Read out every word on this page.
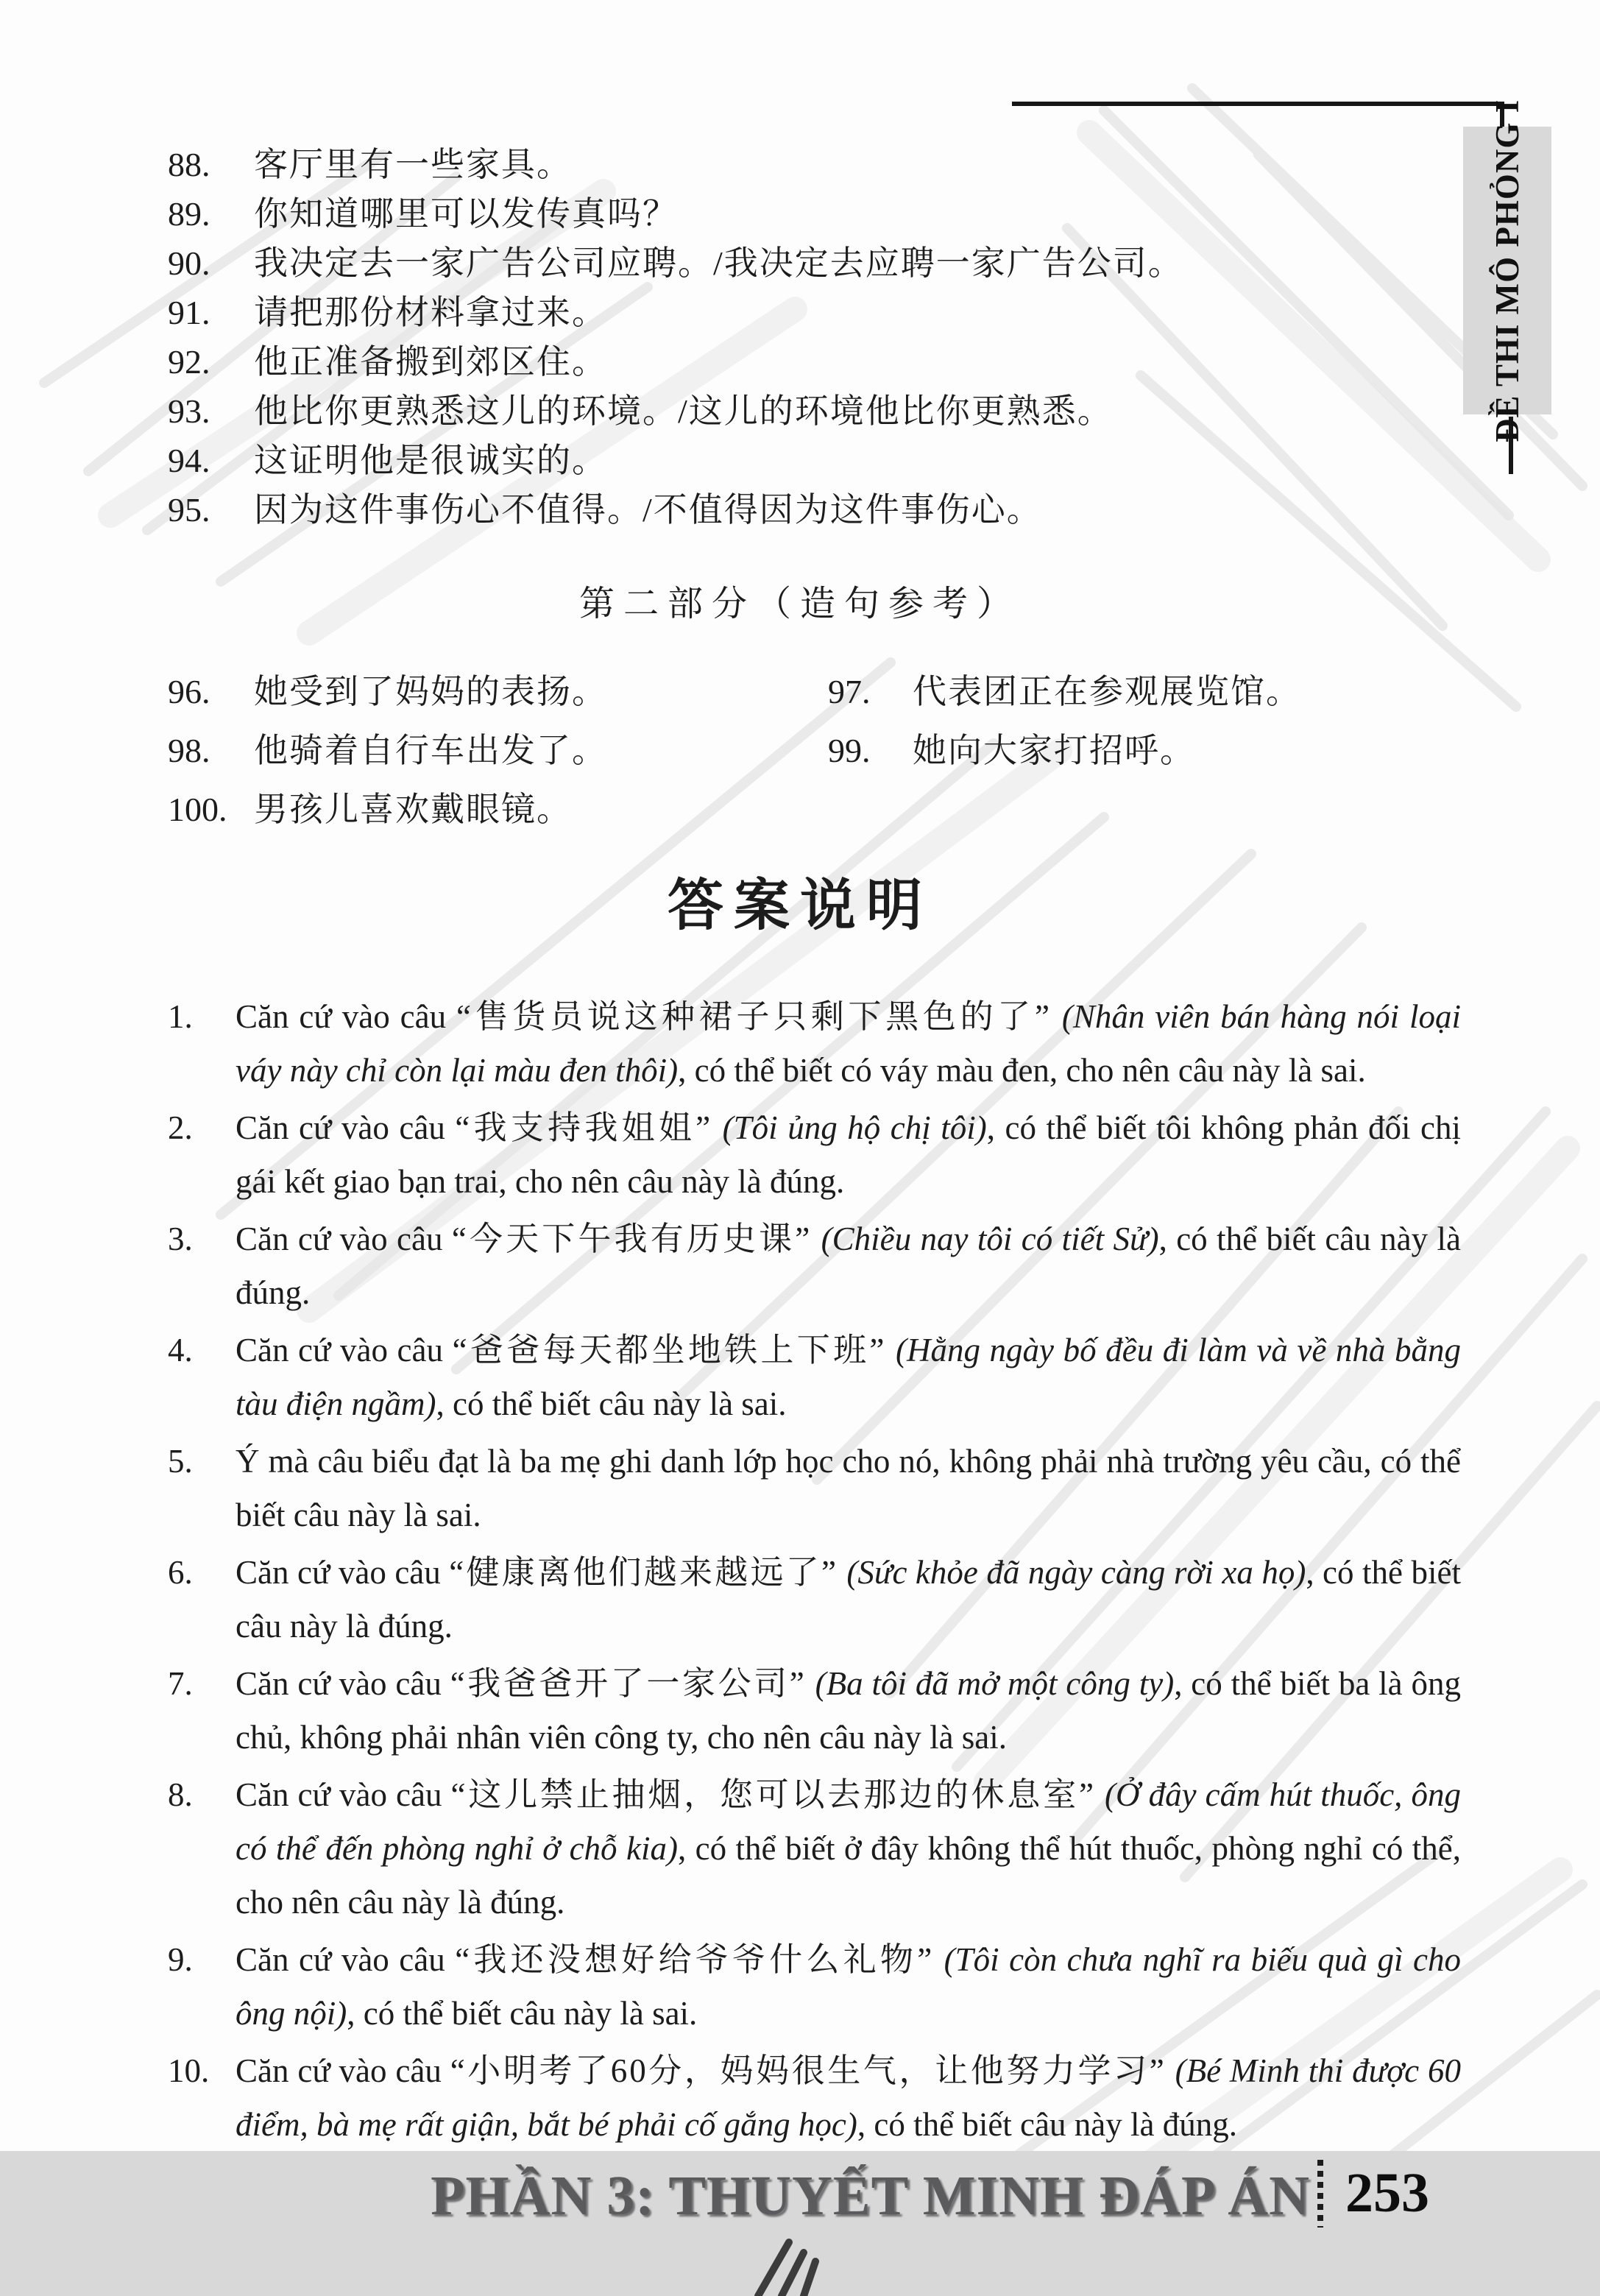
ĐỀ THI MÔ PHỎNG I
88.	客厅里有一些家具。
89.	你知道哪里可以发传真吗？
90.	我决定去一家广告公司应聘。/我决定去应聘一家广告公司。
91.	请把那份材料拿过来。
92.	他正准备搬到郊区住。
93.	他比你更熟悉这儿的环境。/这儿的环境他比你更熟悉。
94.	这证明他是很诚实的。
95.	因为这件事伤心不值得。/不值得因为这件事伤心。
第二部分（造句参考）
96.	她受到了妈妈的表扬。	97.	代表团正在参观展览馆。
98.	他骑着自行车出发了。	99.	她向大家打招呼。
100. 男孩儿喜欢戴眼镜。
答案说明
1.	Căn cứ vào câu “售货员说这种裙子只剩下黑色的了” (Nhân viên bán hàng nói loại váy này chỉ còn lại màu đen thôi), có thể biết có váy màu đen, cho nên câu này là sai.
2.	Căn cứ vào câu “我支持我姐姐” (Tôi ủng hộ chị tôi), có thể biết tôi không phản đối chị gái kết giao bạn trai, cho nên câu này là đúng.
3.	Căn cứ vào câu “今天下午我有历史课” (Chiều nay tôi có tiết Sử), có thể biết câu này là đúng.
4.	Căn cứ vào câu “爸爸每天都坐地铁上下班” (Hằng ngày bố đều đi làm và về nhà bằng tàu điện ngầm), có thể biết câu này là sai.
5.	Ý mà câu biểu đạt là ba mẹ ghi danh lớp học cho nó, không phải nhà trường yêu cầu, có thể biết câu này là sai.
6.	Căn cứ vào câu “健康离他们越来越远了” (Sức khỏe đã ngày càng rời xa họ), có thể biết câu này là đúng.
7.	Căn cứ vào câu “我爸爸开了一家公司” (Ba tôi đã mở một công ty), có thể biết ba là ông chủ, không phải nhân viên công ty, cho nên câu này là sai.
8.	Căn cứ vào câu “这儿禁止抽烟，您可以去那边的休息室” (Ở đây cấm hút thuốc, ông có thể đến phòng nghỉ ở chỗ kia), có thể biết ở đây không thể hút thuốc, phòng nghỉ có thể, cho nên câu này là đúng.
9.	Căn cứ vào câu “我还没想好给爷爷什么礼物” (Tôi còn chưa nghĩ ra biếu quà gì cho ông nội), có thể biết câu này là sai.
10. Căn cứ vào câu “小明考了60分，妈妈很生气，让他努力学习” (Bé Minh thi được 60 điểm, bà mẹ rất giận, bắt bé phải cố gắng học), có thể biết câu này là đúng.
PHẦN 3: THUYẾT MINH ĐÁP ÁN 253
